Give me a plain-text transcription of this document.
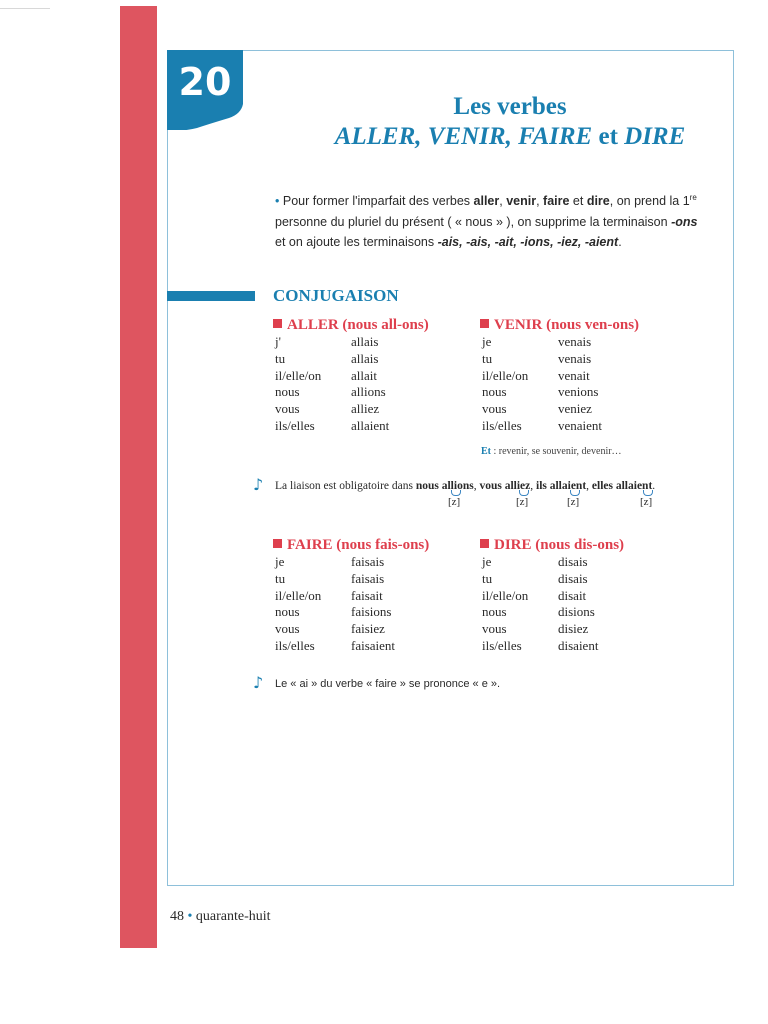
20
Les verbes
ALLER, VENIR, FAIRE et DIRE
• Pour former l'imparfait des verbes aller, venir, faire et dire, on prend la 1re personne du pluriel du présent ( « nous » ), on supprime la terminaison -ons et on ajoute les terminaisons -ais, -ais, -ait, -ions, -iez, -aient.
CONJUGAISON
ALLER (nous all-ons)
j'	allais
tu	allais
il/elle/on allait
nous	allions
vous	alliez
ils/elles	allaient
VENIR (nous ven-ons)
je	venais
tu	venais
il/elle/on venait
nous	venions
vous	veniez
ils/elles	venaient
Et : revenir, se souvenir, devenir…
♪ La liaison est obligatoire dans nous allions, vous alliez, ils allaient, elles allaient.
[z]	[z]	[z]	[z]
FAIRE (nous fais-ons)
je	faisais
tu	faisais
il/elle/on faisait
nous	faisions
vous	faisiez
ils/elles	faisaient
DIRE (nous dis-ons)
je	disais
tu	disais
il/elle/on disait
nous	disions
vous	disiez
ils/elles	disaient
♪ Le « ai » du verbe « faire » se prononce « e ».
48 • quarante-huit
